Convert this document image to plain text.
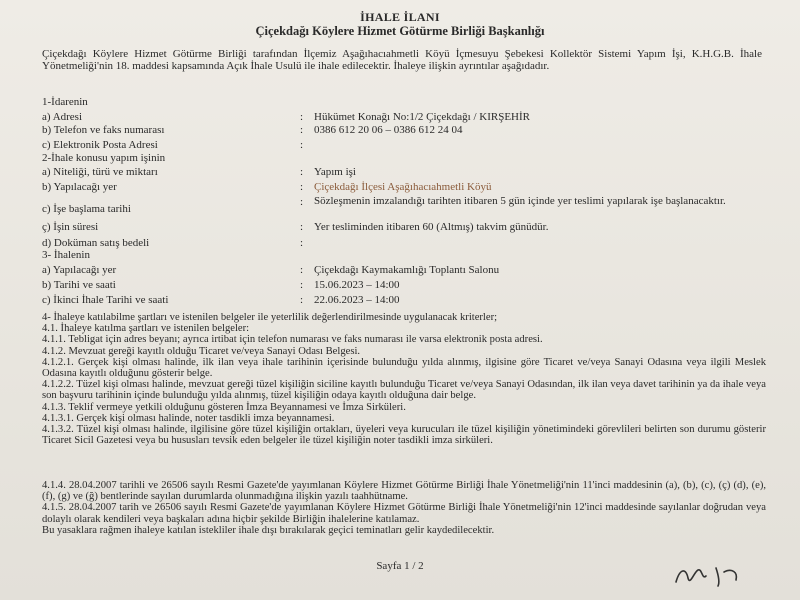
İHALE İLANI
Çiçekdağı Köylere Hizmet Götürme Birliği Başkanlığı

Çiçekdağı Köylere Hizmet Götürme Birliği tarafından İlçemiz Aşağıhacıahmetli Köyü İçmesuyu Şebekesi Kollektör Sistemi Yapım İşi, K.H.G.B. İhale Yönetmeliği'nin 18. maddesi kapsamında Açık İhale Usulü ile ihale edilecektir. İhaleye ilişkin ayrıntılar aşağıdadır.

1-İdarenin
a) Adresi	: Hükümet Konağı No:1/2 Çiçekdağı / KIRŞEHİR
b) Telefon ve faks numarası	: 0386 612 20 06 – 0386 612 24 04
c) Elektronik Posta Adresi	:
2-İhale konusu yapım işinin
a) Niteliği, türü ve miktarı	: Yapım işi
b) Yapılacağı yer	: Çiçekdağı İlçesi Aşağıhacıahmetli Köyü
c) İşe başlama tarihi
: Sözleşmenin imzalandığı tarihten itibaren 5 gün içinde yer teslimi yapılarak işe başlanacaktır.
ç) İşin süresi	: Yer tesliminden itibaren 60 (Altmış) takvim günüdür.
d) Doküman satış bedeli	:
3- İhalenin
a) Yapılacağı yer	: Çiçekdağı Kaymakamlığı Toplantı Salonu
b) Tarihi ve saati	: 15.06.2023 – 14:00
c) İkinci İhale Tarihi ve saati	: 22.06.2023 – 14:00

4- İhaleye katılabilme şartları ve istenilen belgeler ile yeterlilik değerlendirilmesinde uygulanacak kriterler;

4.1. İhaleye katılma şartları ve istenilen belgeler:

4.1.1. Tebligat için adres beyanı; ayrıca irtibat için telefon numarası ve faks numarası ile varsa elektronik posta adresi.

4.1.2. Mevzuat gereği kayıtlı olduğu Ticaret ve/veya Sanayi Odası Belgesi.

4.1.2.1. Gerçek kişi olması halinde, ilk ilan veya ihale tarihinin içerisinde bulunduğu yılda alınmış, ilgisine göre Ticaret ve/veya Sanayi Odasına veya ilgili Meslek Odasına kayıtlı olduğunu gösterir belge.

4.1.2.2. Tüzel kişi olması halinde, mevzuat gereği tüzel kişiliğin siciline kayıtlı bulunduğu Ticaret ve/veya Sanayi Odasından, ilk ilan veya davet tarihinin ya da ihale veya son başvuru tarihinin içinde bulunduğu yılda alınmış, tüzel kişiliğin odaya kayıtlı olduğuna dair belge.

4.1.3. Teklif vermeye yetkili olduğunu gösteren İmza Beyannamesi ve İmza Sirküleri.

4.1.3.1. Gerçek kişi olması halinde, noter tasdikli imza beyannamesi.

4.1.3.2. Tüzel kişi olması halinde, ilgilisine göre tüzel kişiliğin ortakları, üyeleri veya kurucuları ile tüzel kişiliğin yönetimindeki görevlileri belirten son durumu gösterir Ticaret Sicil Gazetesi veya bu hususları tevsik eden belgeler ile tüzel kişiliğin noter tasdikli imza sirküleri.

4.1.4. 28.04.2007 tarihli ve 26506 sayılı Resmi Gazete'de yayımlanan Köylere Hizmet Götürme Birliği İhale Yönetmeliği'nin 11'inci maddesinin (a), (b), (c), (ç) (d), (e), (f), (g) ve (ğ) bentlerinde sayılan durumlarda olunmadığına ilişkin yazılı taahhütname.

4.1.5. 28.04.2007 tarih ve 26506 sayılı Resmi Gazete'de yayımlanan Köylere Hizmet Götürme Birliği İhale Yönetmeliği'nin 12'inci maddesinde sayılanlar doğrudan veya dolaylı olarak kendileri veya başkaları adına hiçbir şekilde Birliğin ihalelerine katılamaz.

Bu yasaklara rağmen ihaleye katılan istekliler ihale dışı bırakılarak geçici teminatları gelir kaydedilecektir.

Sayfa 1 / 2
